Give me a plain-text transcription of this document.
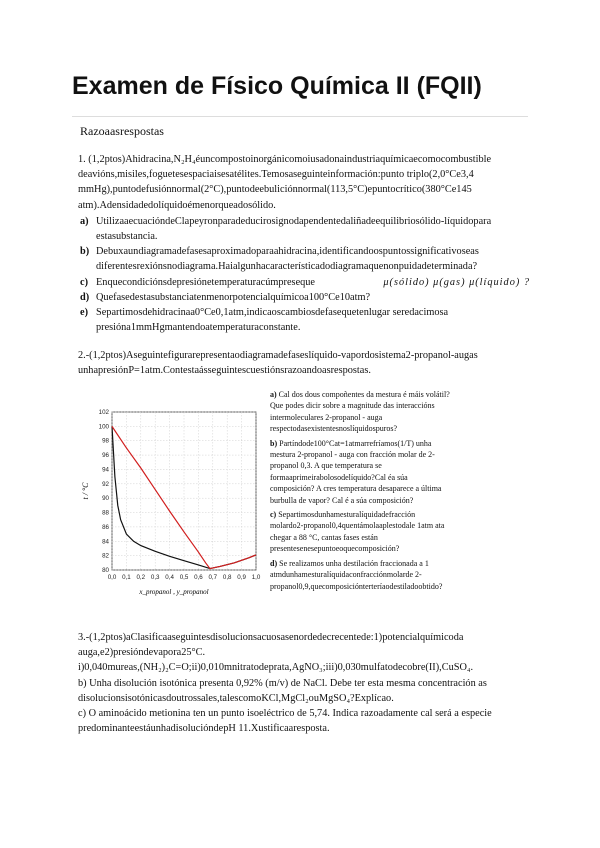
Examen de Físico Química II (FQII)
Razoaasrespostas

1. (1,2ptos)Ahidracina,N₂H₄éuncompostoinorgánicomoiusadonaindustriaquímicaecomocombustible deavións,misiles,foguetesespaciaisesatélites.Temosaseguinteinformación:punto triplo(2,0°Ce3,4 mmHg),puntodefusiónnormal(2°C),puntodeebuliciónnormal(113,5°C)epuntocrítico(380°Ce145 atm).Adensidadedolíquidoémenorqueadosólido.

a) UtilizaaecuacióndeClapeyronparadeducirosignodapendentedaliñadeequilibriosólido-líquidopara estasubstancia.
b) Debuxaundiagramadefasesaproximadoparaahidracina,identificandoospuntossignificativoseas diferentesrexiónsnodiagrama.Haialgunhacaracterísticadodiagramaquenonpuidadeterminada?
c) Enquecondiciónsdepresiónetemperaturacúmpreseque	μ(sólido) μ(gas) μ(líquido) ?
d) Quefasedestasubstanciatenmenorpotencialquímicoa100°Ce10atm?
e) Separtimosdehidracinaa0°Ce0,1atm,indicaoscambiosdefasequetenlugar seredacimosa presióna1mmHgmantendoatemperaturaconstante.

2.-(1,2ptos)Aseguintefigurarepresentaodiagramadefaseslíquido-vapordosistema2-propanol-augas unhapresiónP=1atm.Contestaásseguintescuestiónsrazoandoasrespostas.

0,0 0,1 0,2 0,3 0,4 0,5 0,6 0,7 0,8 0,9 1,0
80
82
84
86
88
90
92
94
96
98
100
102
t / °C
x_propanol , y_propanol

a) Cal dos dous compoñentes da mestura é máis volátil? Que podes dicir sobre a magnitude das interaccións intermoleculares 2-propanol - auga respectodasexistentesnoslíquidospuros?

b) Partíndode100°Cat=1atmarrefríamos(1/T) unha mestura 2-propanol - auga con fracción molar de 2-propanol 0,3. A que temperatura se formaaprimeirabolosodelíquido?Cal éa súa composición? A cres temperatura desaparece a última burbulla de vapor? Cal é a súa composición?

c) Separtimosdunhamesturalíquidadefracción molardo2-propanol0,4quentámolaaplestodale 1atm ata chegar a 88 °C, cantas fases están presentesenesepuntoeoquecomposición?

d) Se realizamos unha destilación fraccionada a 1 atmdunhamesturalíquidaconfracciónmolarde 2-propanol0,9,quecomposiciónterteríaodestiladoobtido?

3.-(1,2ptos)aClasificaaseguintesdisolucionsacuosasenordedecrecentede:1)potencialquímicoda auga,e2)presióndevapora25°C.

i)0,040mureas,(NH₂)₂C=O;ii)0,010mnitratodeprata,AgNO₃;iii)0,030mulfatodecobre(II),CuSO₄.

b) Unha disolución isotónica presenta 0,92% (m/v) de NaCl. Debe ter esta mesma concentración as disolucionsisotónicasdoutrossales,talescomoKCl,MgCl₂ouMgSO₄?Explícao.

c) O aminoácido metionina ten un punto isoeléctrico de 5,74. Indica razoadamente cal será a especie predominanteestáunhadisolucióndepH 11.Xustificaaresposta.
